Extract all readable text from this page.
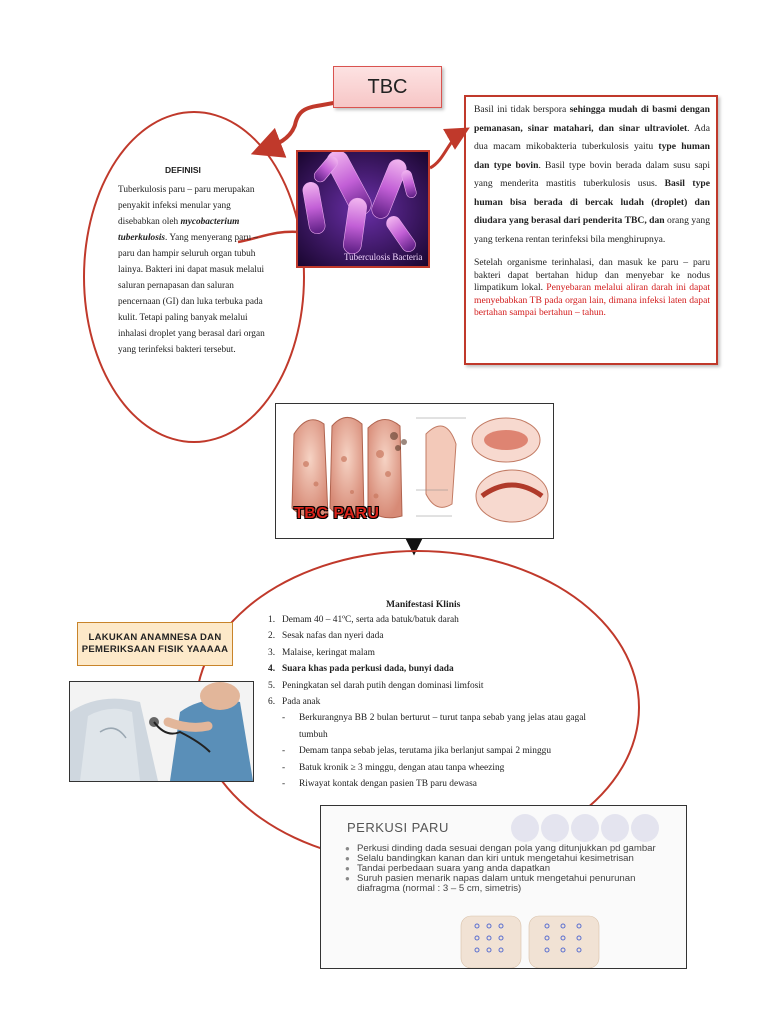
TBC
DEFINISI
Tuberkulosis paru – paru merupakan penyakit infeksi menular yang disebabkan oleh mycobacterium tuberkulosis. Yang menyerang paru – paru dan hampir seluruh organ tubuh lainya. Bakteri ini dapat masuk melalui saluran pernapasan dan saluran pencernaan (GI) dan luka terbuka pada kulit. Tetapi paling banyak melalui inhalasi droplet yang berasal dari organ yang terinfeksi bakteri tersebut.
Tuberculosis Bacteria

Basil ini tidak berspora sehingga mudah di basmi dengan pemanasan, sinar matahari, dan sinar ultraviolet. Ada dua macam mikobakteria tuberkulosis yaitu type human dan type bovin. Basil type bovin berada dalam susu sapi yang menderita mastitis tuberkulosis usus. Basil type human bisa berada di bercak ludah (droplet) dan diudara yang berasal dari penderita TBC, dan orang yang yang terkena rentan terinfeksi bila menghirupnya.

Setelah organisme terinhalasi, dan masuk ke paru – paru bakteri dapat bertahan hidup dan menyebar ke nodus limpatikum lokal. Penyebaran melalui aliran darah ini dapat menyebabkan TB pada organ lain, dimana infeksi laten dapat bertahan sampai bertahun – tahun.

TBC PARU
Manifestasi Klinis
1. Demam 40 – 41ºC, serta ada batuk/batuk darah
2. Sesak nafas dan nyeri dada
3. Malaise, keringat malam
4. Suara khas pada perkusi dada, bunyi dada
5. Peningkatan sel darah putih dengan dominasi limfosit
6. Pada anak
-	Berkurangnya BB 2 bulan berturut – turut tanpa sebab yang jelas atau gagal tumbuh
-	Demam tanpa sebab jelas, terutama jika berlanjut sampai 2 minggu
-	Batuk kronik ≥ 3 minggu, dengan atau tanpa wheezing
-	Riwayat kontak dengan pasien TB paru dewasa
LAKUKAN ANAMNESA DAN PEMERIKSAAN FISIK YAAAAA
PERKUSI PARU
● Perkusi dinding dada sesuai dengan pola yang ditunjukkan pd gambar
● Selalu bandingkan kanan dan kiri untuk mengetahui kesimetrisan
● Tandai perbedaan suara yang anda dapatkan
● Suruh pasien menarik napas dalam untuk mengetahui penurunan diafragma (normal : 3 – 5 cm, simetris)
